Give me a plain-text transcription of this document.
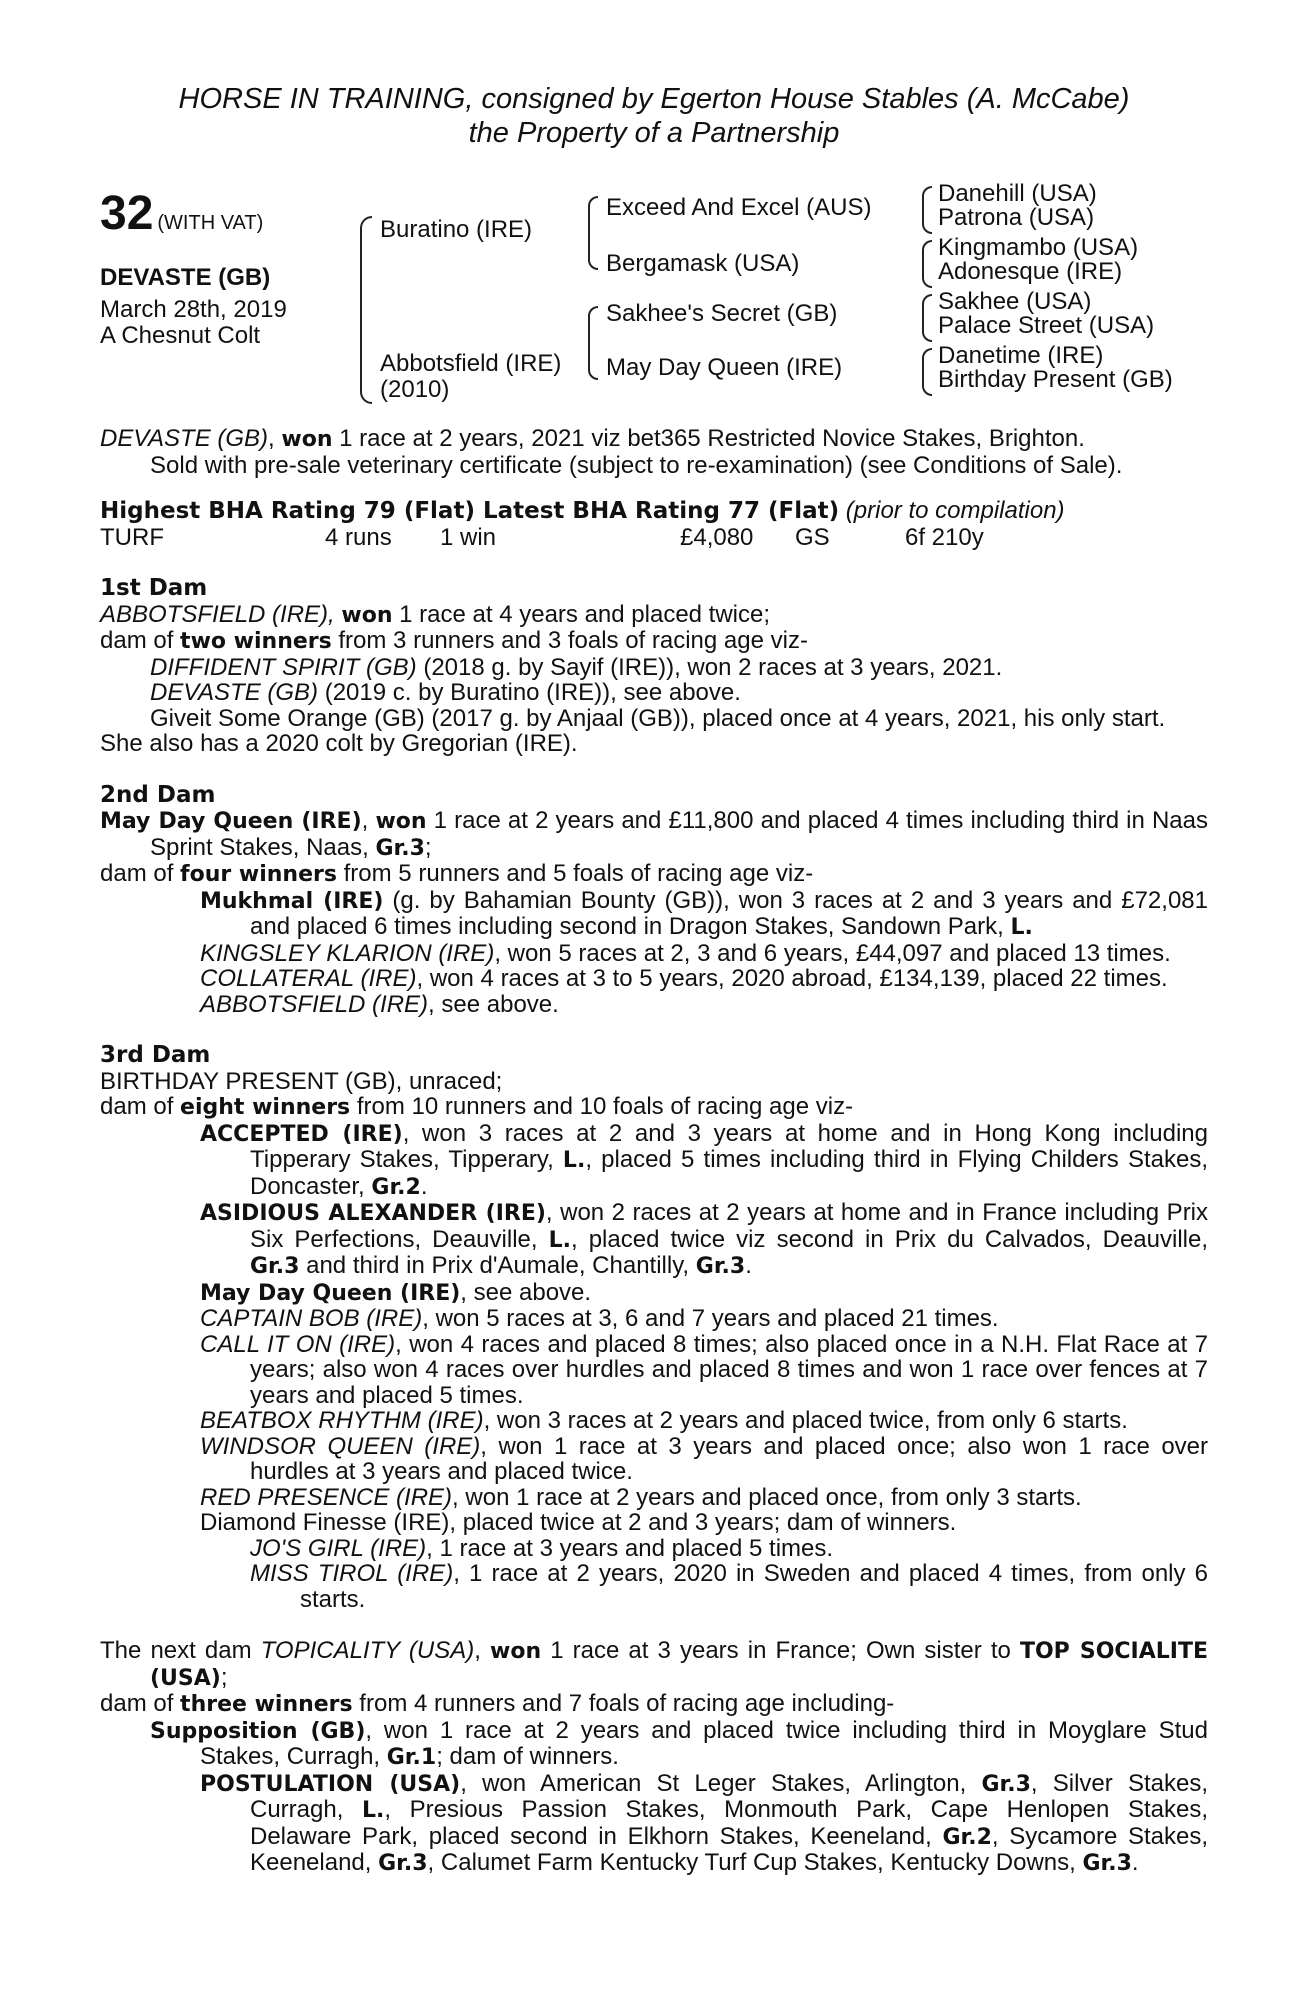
HORSE IN TRAINING, consigned by Egerton House Stables (A. McCabe)
the Property of a Partnership
32 (WITH VAT)
DEVASTE (GB)
March 28th, 2019
A Chesnut Colt
Buratino (IRE)
Abbotsfield (IRE)
(2010)
Exceed And Excel (AUS)
Bergamask (USA)
Sakhee's Secret (GB)
May Day Queen (IRE)
Danehill (USA)
Patrona (USA)
Kingmambo (USA)
Adonesque (IRE)
Sakhee (USA)
Palace Street (USA)
Danetime (IRE)
Birthday Present (GB)

DEVASTE (GB), won 1 race at 2 years, 2021 viz bet365 Restricted Novice Stakes, Brighton.

Sold with pre-sale veterinary certificate (subject to re-examination) (see Conditions of Sale).

Highest BHA Rating 79 (Flat) Latest BHA Rating 77 (Flat) (prior to compilation)

TURF	4 runs 1 win	£4,080 GS	6f 210y

1st Dam

ABBOTSFIELD (IRE), won 1 race at 4 years and placed twice;

dam of two winners from 3 runners and 3 foals of racing age viz-

DIFFIDENT SPIRIT (GB) (2018 g. by Sayif (IRE)), won 2 races at 3 years, 2021.

DEVASTE (GB) (2019 c. by Buratino (IRE)), see above.

Giveit Some Orange (GB) (2017 g. by Anjaal (GB)), placed once at 4 years, 2021, his only start.

She also has a 2020 colt by Gregorian (IRE).

2nd Dam

May Day Queen (IRE), won 1 race at 2 years and £11,800 and placed 4 times including third in Naas Sprint Stakes, Naas, Gr.3;

dam of four winners from 5 runners and 5 foals of racing age viz-

Mukhmal (IRE) (g. by Bahamian Bounty (GB)), won 3 races at 2 and 3 years and £72,081 and placed 6 times including second in Dragon Stakes, Sandown Park, L.

KINGSLEY KLARION (IRE), won 5 races at 2, 3 and 6 years, £44,097 and placed 13 times.

COLLATERAL (IRE), won 4 races at 3 to 5 years, 2020 abroad, £134,139, placed 22 times.

ABBOTSFIELD (IRE), see above.

3rd Dam

BIRTHDAY PRESENT (GB), unraced;

dam of eight winners from 10 runners and 10 foals of racing age viz-

ACCEPTED (IRE), won 3 races at 2 and 3 years at home and in Hong Kong including Tipperary Stakes, Tipperary, L., placed 5 times including third in Flying Childers Stakes, Doncaster, Gr.2.

ASIDIOUS ALEXANDER (IRE), won 2 races at 2 years at home and in France including Prix Six Perfections, Deauville, L., placed twice viz second in Prix du Calvados, Deauville, Gr.3 and third in Prix d'Aumale, Chantilly, Gr.3.

May Day Queen (IRE), see above.

CAPTAIN BOB (IRE), won 5 races at 3, 6 and 7 years and placed 21 times.

CALL IT ON (IRE), won 4 races and placed 8 times; also placed once in a N.H. Flat Race at 7 years; also won 4 races over hurdles and placed 8 times and won 1 race over fences at 7 years and placed 5 times.

BEATBOX RHYTHM (IRE), won 3 races at 2 years and placed twice, from only 6 starts.

WINDSOR QUEEN (IRE), won 1 race at 3 years and placed once; also won 1 race over hurdles at 3 years and placed twice.

RED PRESENCE (IRE), won 1 race at 2 years and placed once, from only 3 starts.

Diamond Finesse (IRE), placed twice at 2 and 3 years; dam of winners.

JO'S GIRL (IRE), 1 race at 3 years and placed 5 times.

MISS TIROL (IRE), 1 race at 2 years, 2020 in Sweden and placed 4 times, from only 6 starts.

The next dam TOPICALITY (USA), won 1 race at 3 years in France; Own sister to TOP SOCIALITE (USA);

dam of three winners from 4 runners and 7 foals of racing age including-

Supposition (GB), won 1 race at 2 years and placed twice including third in Moyglare Stud Stakes, Curragh, Gr.1; dam of winners.

POSTULATION (USA), won American St Leger Stakes, Arlington, Gr.3, Silver Stakes, Curragh, L., Presious Passion Stakes, Monmouth Park, Cape Henlopen Stakes, Delaware Park, placed second in Elkhorn Stakes, Keeneland, Gr.2, Sycamore Stakes, Keeneland, Gr.3, Calumet Farm Kentucky Turf Cup Stakes, Kentucky Downs, Gr.3.
